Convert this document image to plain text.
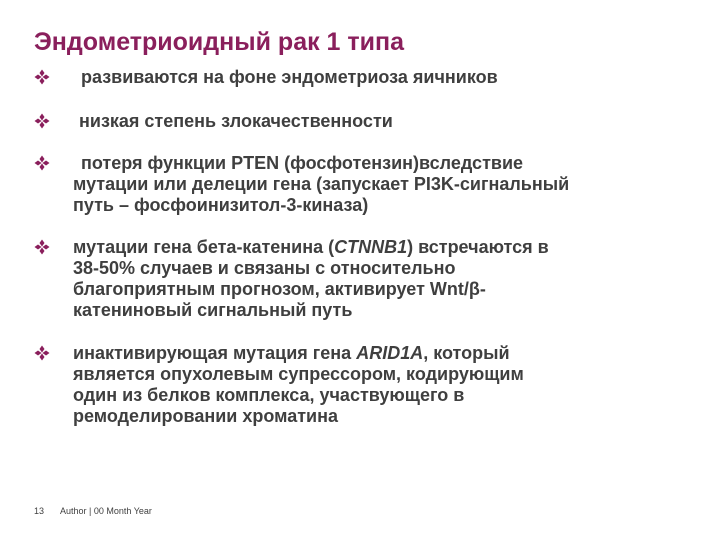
Эндометриоидный рак 1 типа
развиваются на фоне эндометриоза яичников
низкая степень злокачественности
потеря функции PTEN (фосфотензин)вследствие
мутации или делеции гена (запускает PI3K-сигнальный
путь – фосфоинизитол-3-киназа)
мутации гена бета-катенина (CTNNB1) встречаются в
38-50% случаев и связаны с относительно
благоприятным прогнозом, активирует Wnt/β-
катениновый сигнальный путь
инактивирующая мутация гена ARID1A, который
является опухолевым супрессором, кодирующим
один из белков комплекса, участвующего в
ремоделировании хроматина
13 Author | 00 Month Year
